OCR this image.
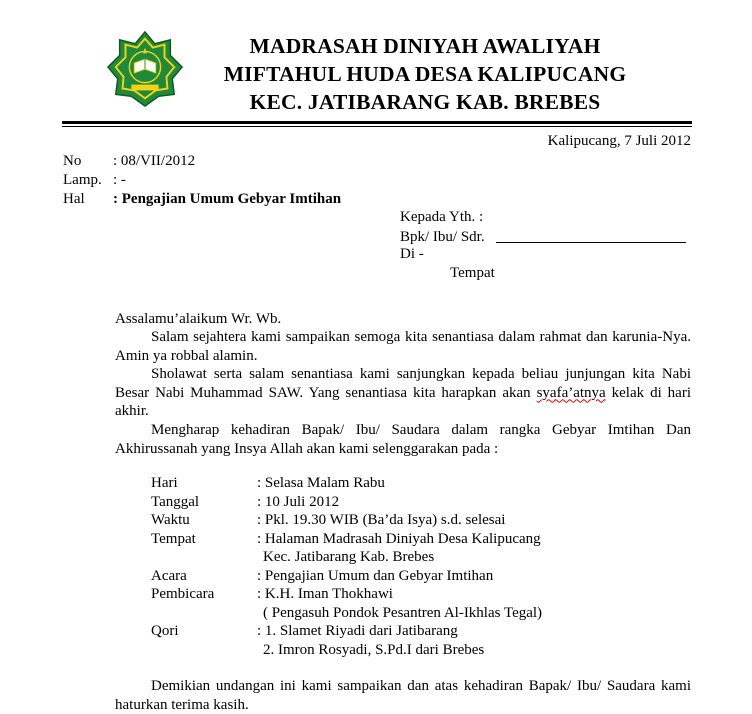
MADRASAH DINIYAH AWALIYAH
MIFTAHUL HUDA DESA KALIPUCANG
KEC. JATIBARANG KAB. BREBES
Kalipucang, 7 Juli 2012
No : 08/VII/2012
Lamp. : -
Hal : Pengajian Umum Gebyar Imtihan
Kepada Yth. :
Bpk/ Ibu/ Sdr.
Di -
Tempat
Assalamu’alaikum Wr. Wb.

Salam sejahtera kami sampaikan semoga kita senantiasa dalam rahmat dan karunia-Nya. Amin ya robbal alamin.

Sholawat serta salam senantiasa kami sanjungkan kepada beliau junjungan kita Nabi Besar Nabi Muhammad SAW. Yang senantiasa kita harapkan akan syafa’atnya kelak di hari akhir.

Mengharap kehadiran Bapak/ Ibu/ Saudara dalam rangka Gebyar Imtihan Dan Akhirussanah yang Insya Allah akan kami selenggarakan pada :

Hari	: Selasa Malam Rabu
Tanggal	: 10 Juli 2012
Waktu	: Pkl. 19.30 WIB (Ba’da Isya) s.d. selesai
Tempat	: Halaman Madrasah Diniyah Desa Kalipucang
Kec. Jatibarang Kab. Brebes
Acara	: Pengajian Umum dan Gebyar Imtihan
Pembicara	: K.H. Iman Thokhawi
( Pengasuh Pondok Pesantren Al-Ikhlas Tegal)
Qori	: 1. Slamet Riyadi dari Jatibarang
2. Imron Rosyadi, S.Pd.I dari Brebes

Demikian undangan ini kami sampaikan dan atas kehadiran Bapak/ Ibu/ Saudara kami haturkan terima kasih.
